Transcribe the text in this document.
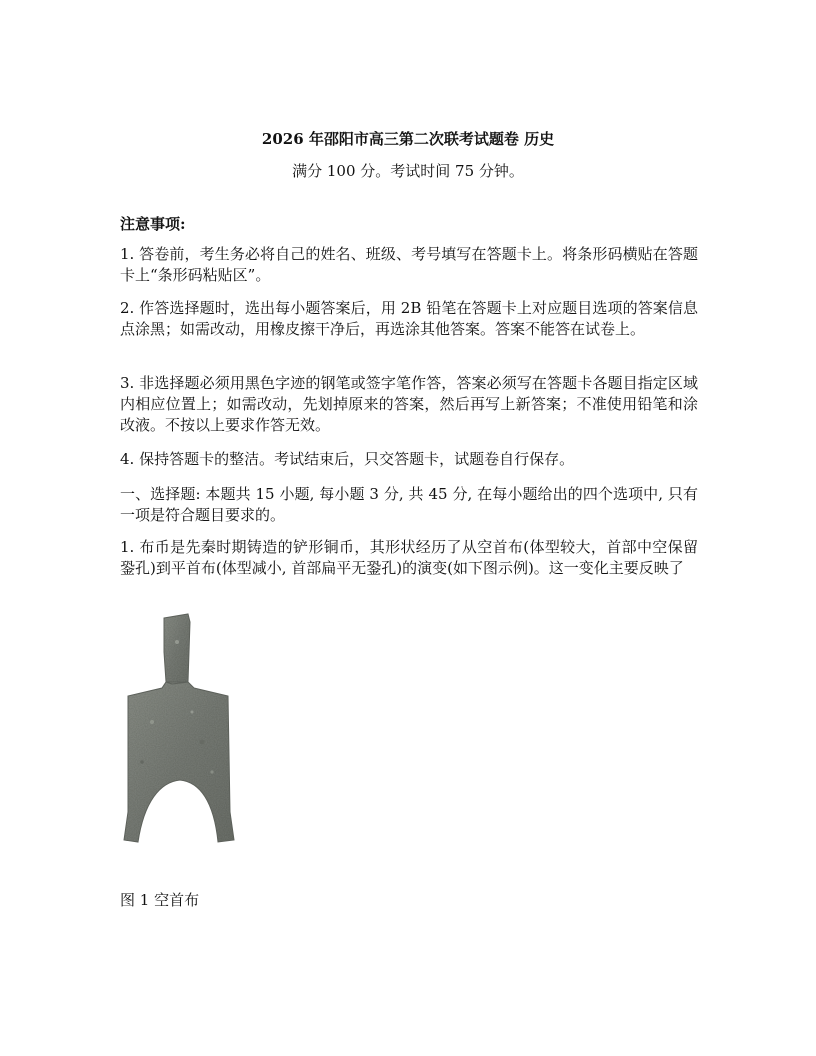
2026 年邵阳市高三第二次联考试题卷 历史
满分 100 分。考试时间 75 分钟。
注意事项:
1. 答卷前，考生务必将自己的姓名、班级、考号填写在答题卡上。将条形码横贴在答题卡上“条形码粘贴区”。
2. 作答选择题时，选出每小题答案后，用 2B 铅笔在答题卡上对应题目选项的答案信息点涂黑；如需改动，用橡皮擦干净后，再选涂其他答案。答案不能答在试卷上。
3. 非选择题必须用黑色字迹的钢笔或签字笔作答，答案必须写在答题卡各题目指定区域内相应位置上；如需改动，先划掉原来的答案，然后再写上新答案；不准使用铅笔和涂改液。不按以上要求作答无效。
4. 保持答题卡的整洁。考试结束后，只交答题卡，试题卷自行保存。
一、选择题: 本题共 15 小题, 每小题 3 分, 共 45 分, 在每小题给出的四个选项中, 只有一项是符合题目要求的。
1. 布币是先秦时期铸造的铲形铜币，其形状经历了从空首布(体型较大，首部中空保留銎孔)到平首布(体型减小, 首部扁平无銎孔)的演变(如下图示例)。这一变化主要反映了
图 1 空首布
